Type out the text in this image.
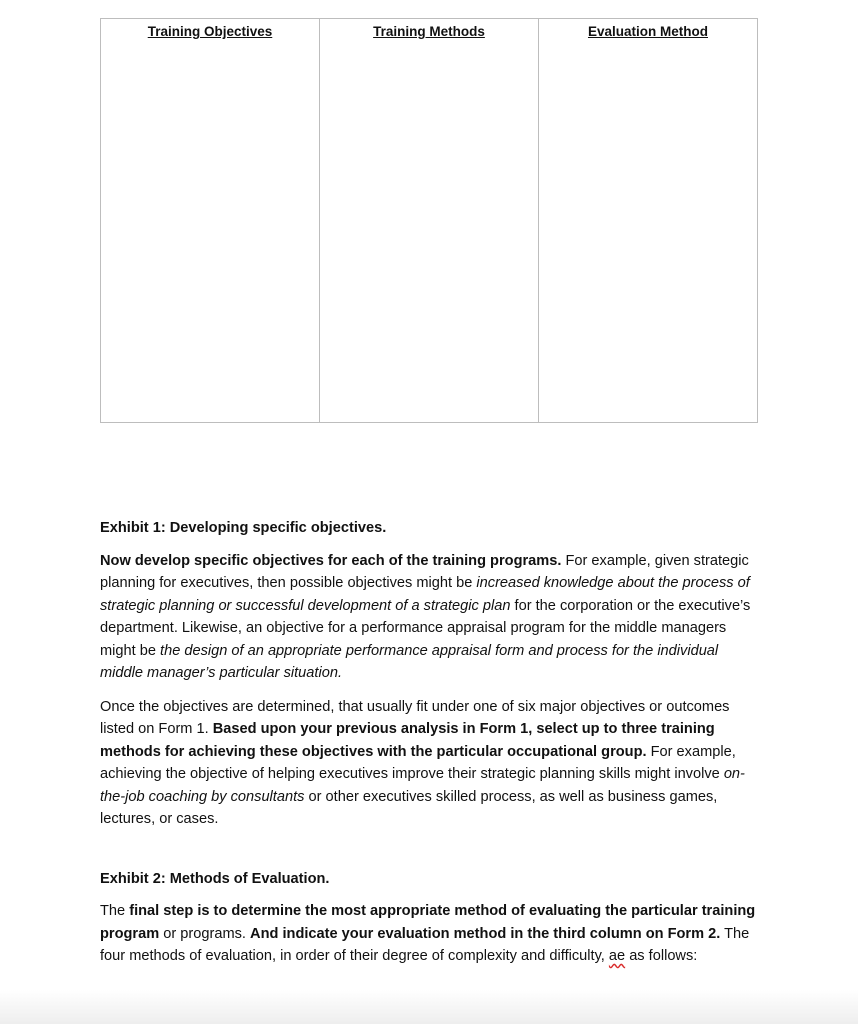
Training Objectives	Training Methods	Evaluation Method

Exhibit 1: Developing specific objectives.

Now develop specific objectives for each of the training programs. For example, given strategic planning for executives, then possible objectives might be increased knowledge about the process of strategic planning or successful development of a strategic plan for the corporation or the executive’s department. Likewise, an objective for a performance appraisal program for the middle managers might be the design of an appropriate performance appraisal form and process for the individual middle manager’s particular situation.

Once the objectives are determined, that usually fit under one of six major objectives or outcomes listed on Form 1. Based upon your previous analysis in Form 1, select up to three training methods for achieving these objectives with the particular occupational group. For example, achieving the objective of helping executives improve their strategic planning skills might involve on-the-job coaching by consultants or other executives skilled process, as well as business games, lectures, or cases.

Exhibit 2: Methods of Evaluation.

The final step is to determine the most appropriate method of evaluating the particular training program or programs. And indicate your evaluation method in the third column on Form 2. The four methods of evaluation, in order of their degree of complexity and difficulty, ae as follows:
